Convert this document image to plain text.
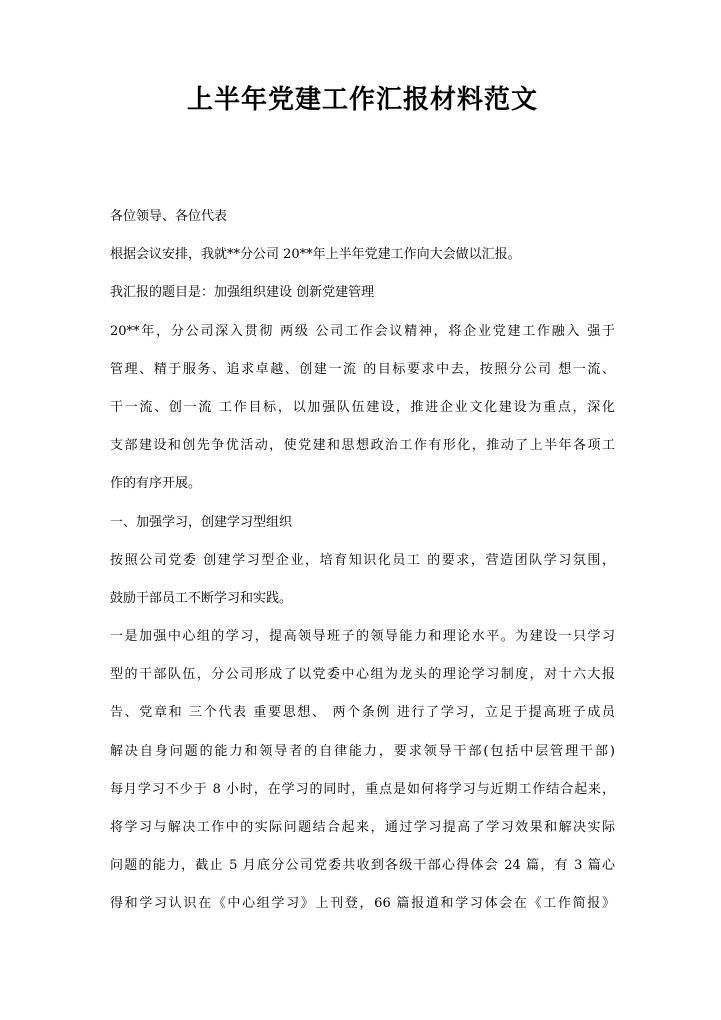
上半年党建工作汇报材料范文
各位领导、各位代表
根据会议安排，我就**分公司 20**年上半年党建工作向大会做以汇报。
我汇报的题目是：加强组织建设 创新党建管理
20**年，分公司深入贯彻 两级 公司工作会议精神，将企业党建工作融入 强于
管理、精于服务、追求卓越、创建一流 的目标要求中去，按照分公司 想一流、
干一流、创一流 工作目标，以加强队伍建设，推进企业文化建设为重点，深化
支部建设和创先争优活动，使党建和思想政治工作有形化，推动了上半年各项工
作的有序开展。
一、加强学习，创建学习型组织
按照公司党委 创建学习型企业，培育知识化员工 的要求，营造团队学习氛围，
鼓励干部员工不断学习和实践。
一是加强中心组的学习，提高领导班子的领导能力和理论水平。为建设一只学习
型的干部队伍，分公司形成了以党委中心组为龙头的理论学习制度，对十六大报
告、党章和 三个代表 重要思想、 两个条例 进行了学习，立足于提高班子成员
解决自身问题的能力和领导者的自律能力，要求领导干部(包括中层管理干部)
每月学习不少于 8 小时，在学习的同时，重点是如何将学习与近期工作结合起来，
将学习与解决工作中的实际问题结合起来，通过学习提高了学习效果和解决实际
问题的能力，截止 5 月底分公司党委共收到各级干部心得体会 24 篇，有 3 篇心
得和学习认识在《中心组学习》上刊登，66 篇报道和学习体会在《工作简报》
